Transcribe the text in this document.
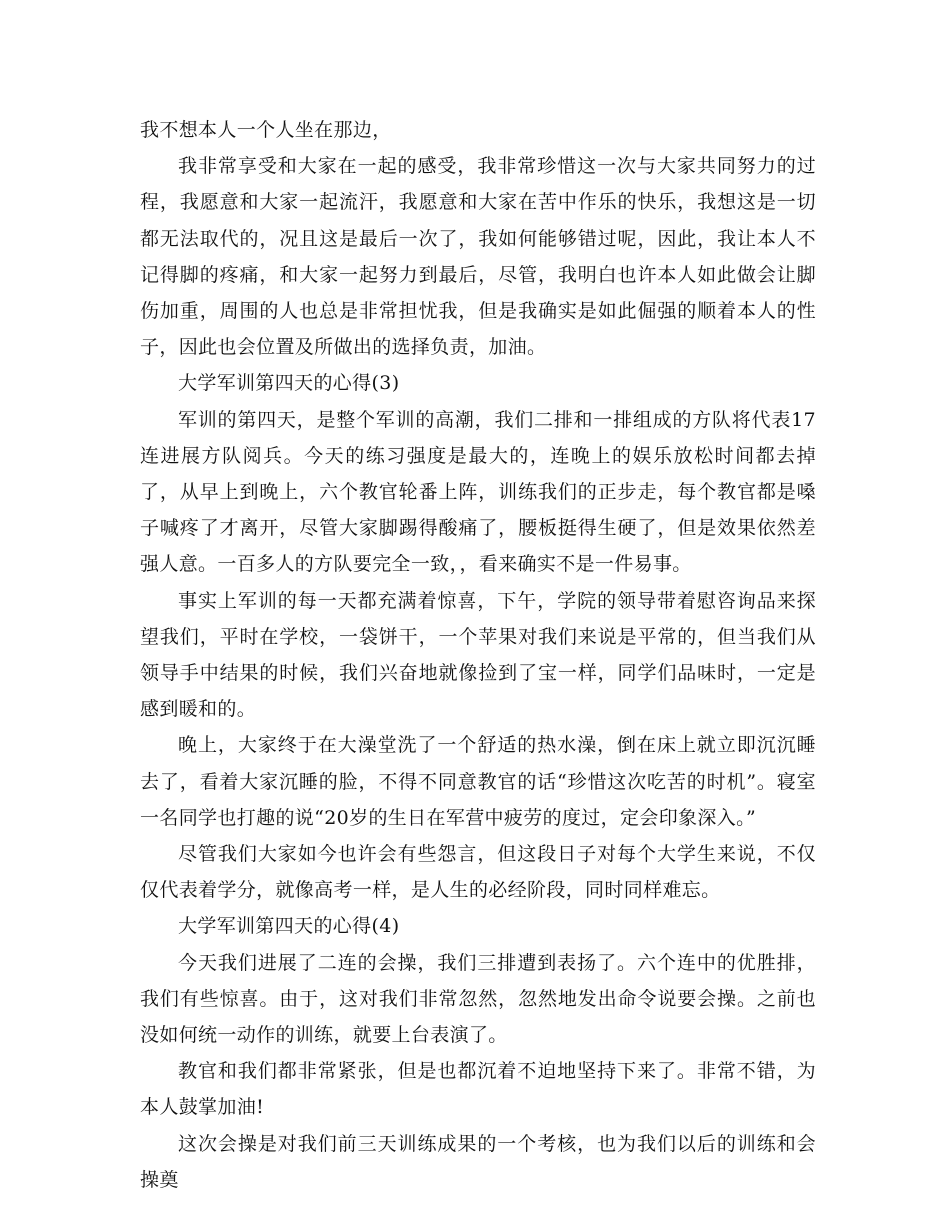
我不想本人一个人坐在那边，

我非常享受和大家在一起的感受，我非常珍惜这一次与大家共同努力的过程，我愿意和大家一起流汗，我愿意和大家在苦中作乐的快乐，我想这是一切都无法取代的，况且这是最后一次了，我如何能够错过呢，因此，我让本人不记得脚的疼痛，和大家一起努力到最后，尽管，我明白也许本人如此做会让脚伤加重，周围的人也总是非常担忧我，但是我确实是如此倔强的顺着本人的性子，因此也会位置及所做出的选择负责，加油。

大学军训第四天的心得(3)

军训的第四天，是整个军训的高潮，我们二排和一排组成的方队将代表17连进展方队阅兵。今天的练习强度是最大的，连晚上的娱乐放松时间都去掉了，从早上到晚上，六个教官轮番上阵，训练我们的正步走，每个教官都是嗓子喊疼了才离开，尽管大家脚踢得酸痛了，腰板挺得生硬了，但是效果依然差强人意。一百多人的方队要完全一致，，看来确实不是一件易事。

事实上军训的每一天都充满着惊喜，下午，学院的领导带着慰咨询品来探望我们，平时在学校，一袋饼干，一个苹果对我们来说是平常的，但当我们从领导手中结果的时候，我们兴奋地就像捡到了宝一样，同学们品味时，一定是感到暖和的。

晚上，大家终于在大澡堂洗了一个舒适的热水澡，倒在床上就立即沉沉睡去了，看着大家沉睡的脸，不得不同意教官的话“珍惜这次吃苦的时机”。寝室一名同学也打趣的说“20岁的生日在军营中疲劳的度过，定会印象深入。”

尽管我们大家如今也许会有些怨言，但这段日子对每个大学生来说，不仅仅代表着学分，就像高考一样，是人生的必经阶段，同时同样难忘。

大学军训第四天的心得(4)

今天我们进展了二连的会操，我们三排遭到表扬了。六个连中的优胜排，我们有些惊喜。由于，这对我们非常忽然，忽然地发出命令说要会操。之前也没如何统一动作的训练，就要上台表演了。

教官和我们都非常紧张，但是也都沉着不迫地坚持下来了。非常不错，为本人鼓掌加油!

这次会操是对我们前三天训练成果的一个考核，也为我们以后的训练和会操奠
